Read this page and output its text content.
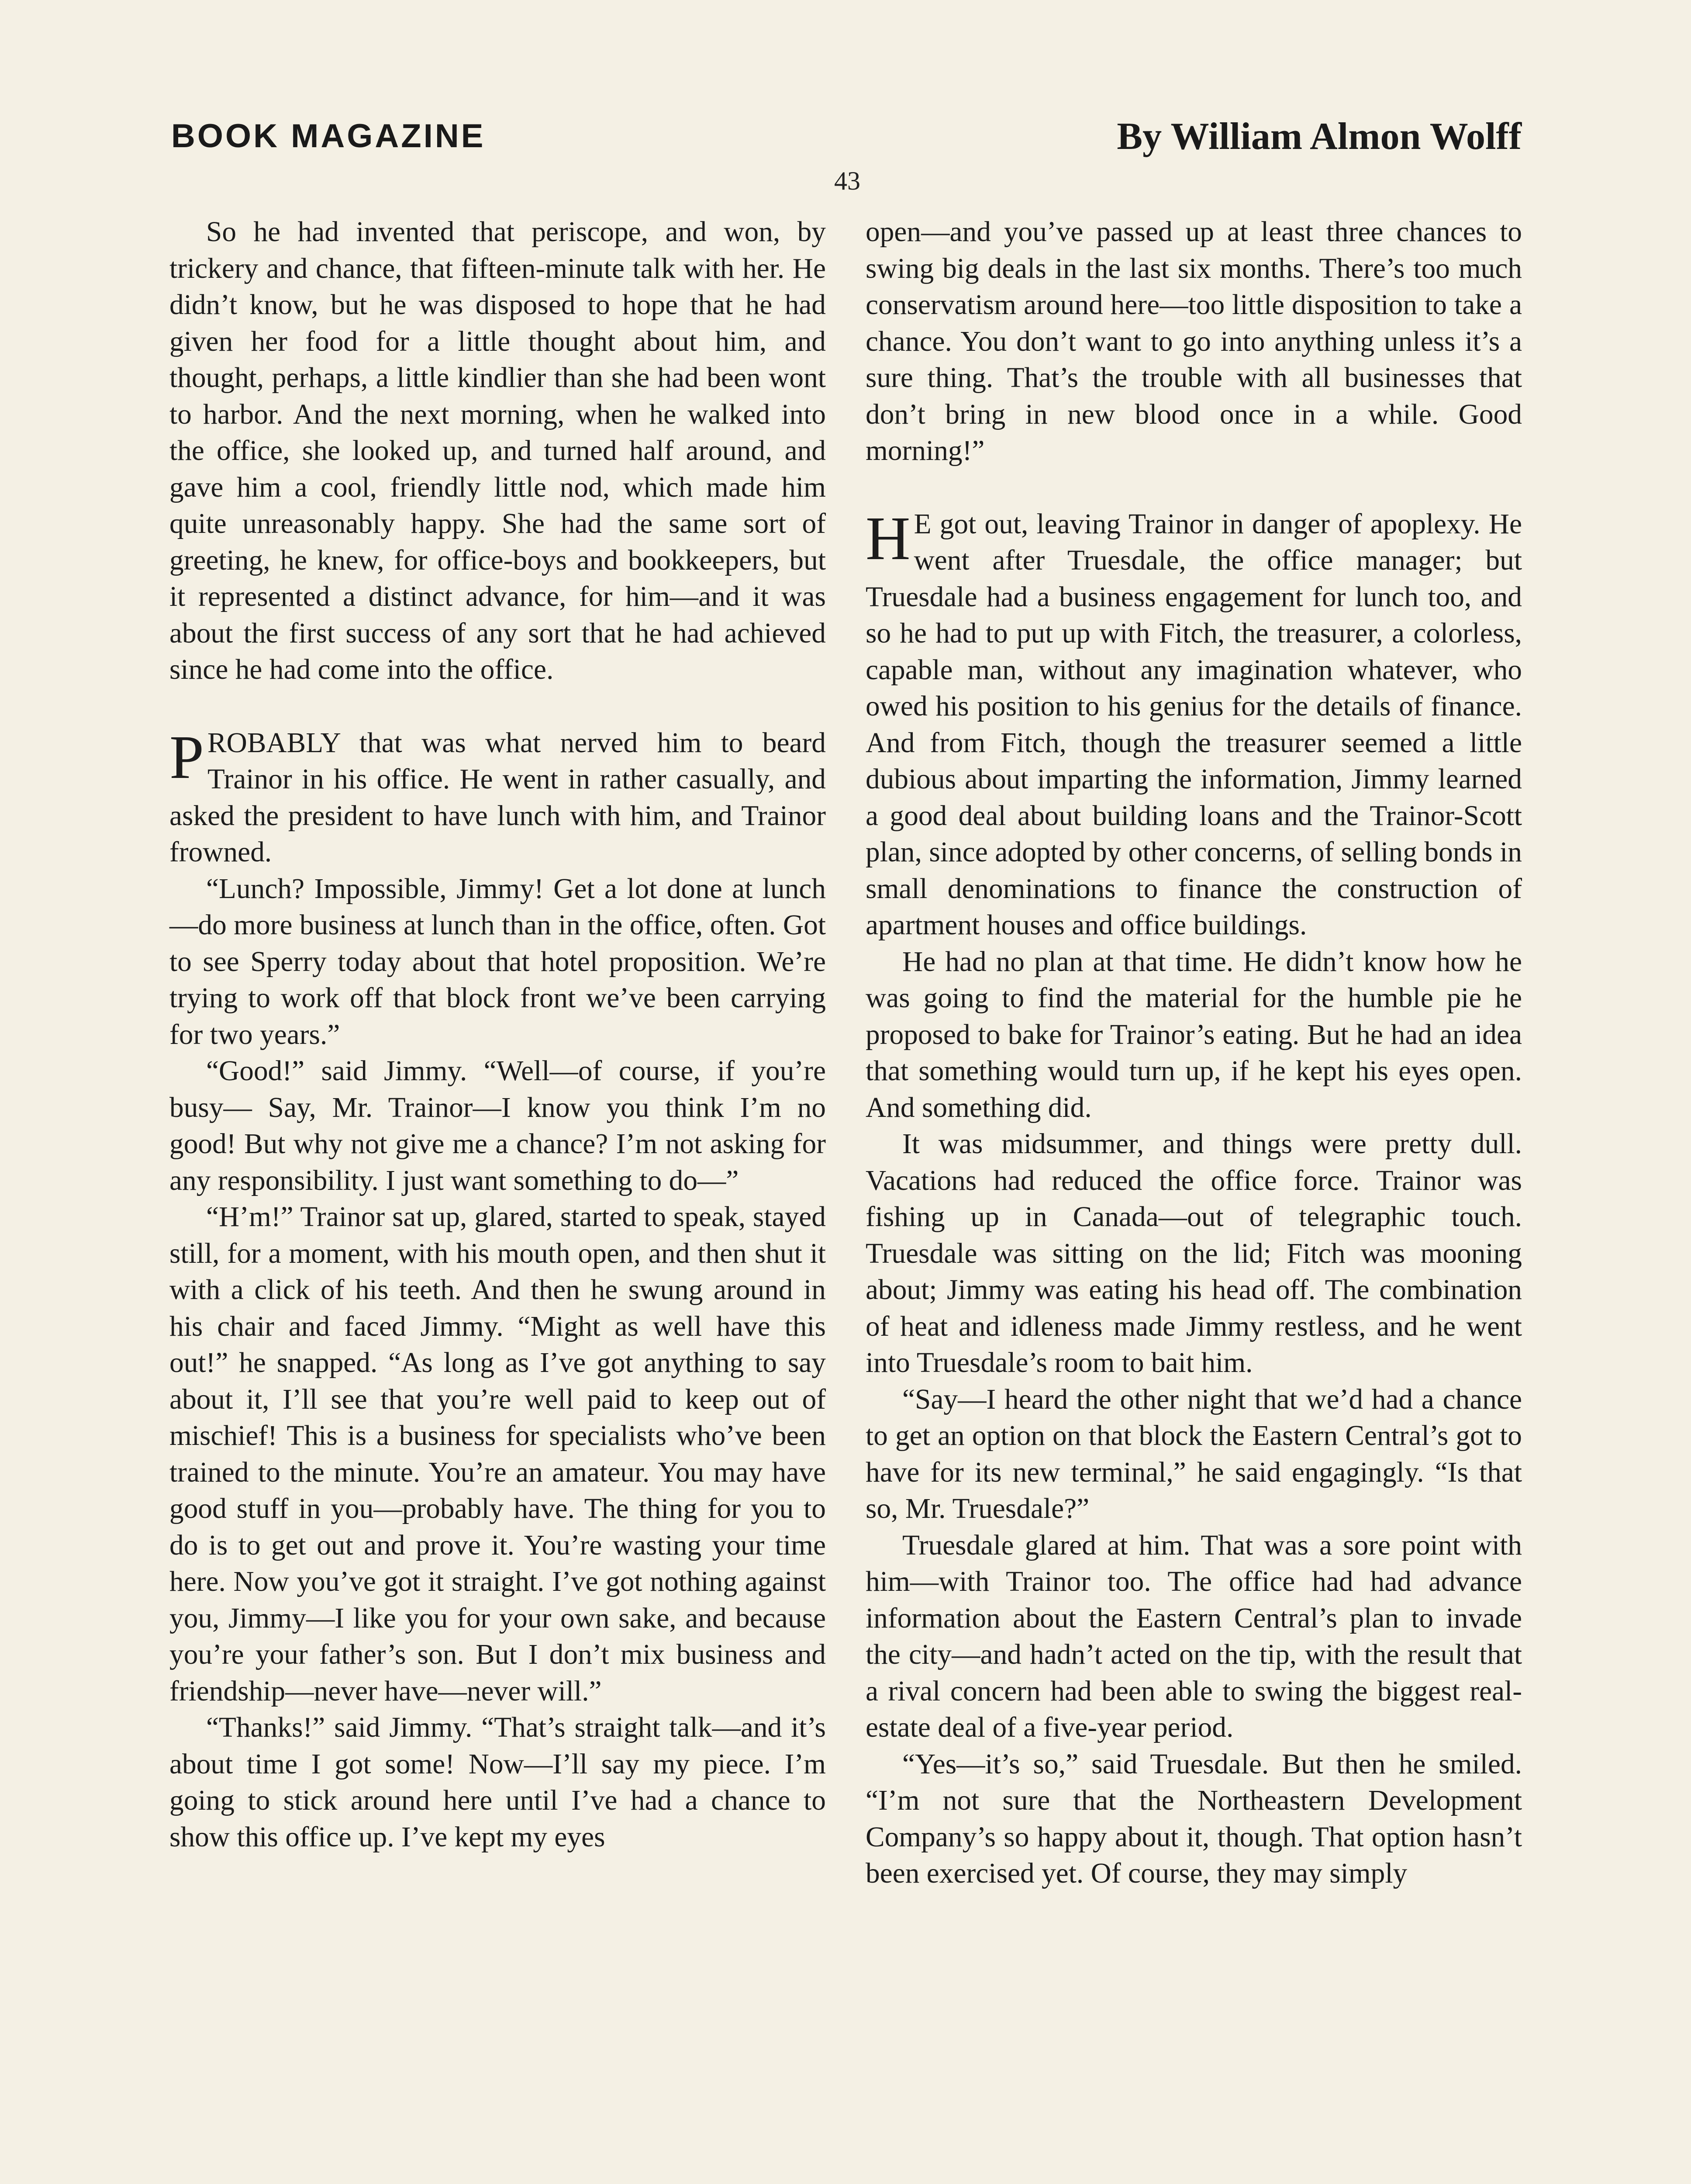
BOOK MAGAZINE	By William Almon Wolff
43

So he had invented that periscope, and won, by trickery and chance, that fifteen-minute talk with her. He didn’t know, but he was disposed to hope that he had given her food for a little thought about him, and thought, perhaps, a little kindlier than she had been wont to harbor. And the next morning, when he walked into the office, she looked up, and turned half around, and gave him a cool, friendly little nod, which made him quite unreasonably happy. She had the same sort of greeting, he knew, for office-boys and bookkeepers, but it represented a distinct advance, for him—and it was about the first success of any sort that he had achieved since he had come into the office.

PROBABLY that was what nerved him to beard Trainor in his office. He went in rather casually, and asked the president to have lunch with him, and Trainor frowned.

“Lunch? Impossible, Jimmy! Get a lot done at lunch—do more business at lunch than in the office, often. Got to see Sperry today about that hotel proposition. We’re trying to work off that block front we’ve been carrying for two years.”

“Good!” said Jimmy. “Well—of course, if you’re busy— Say, Mr. Trainor—I know you think I’m no good! But why not give me a chance? I’m not asking for any responsibility. I just want something to do—”

“H’m!” Trainor sat up, glared, started to speak, stayed still, for a moment, with his mouth open, and then shut it with a click of his teeth. And then he swung around in his chair and faced Jimmy. “Might as well have this out!” he snapped. “As long as I’ve got anything to say about it, I’ll see that you’re well paid to keep out of mischief! This is a business for specialists who’ve been trained to the minute. You’re an amateur. You may have good stuff in you—probably have. The thing for you to do is to get out and prove it. You’re wasting your time here. Now you’ve got it straight. I’ve got nothing against you, Jimmy—I like you for your own sake, and because you’re your father’s son. But I don’t mix business and friendship—never have—never will.”

“Thanks!” said Jimmy. “That’s straight talk—and it’s about time I got some! Now—I’ll say my piece. I’m going to stick around here until I’ve had a chance to show this office up. I’ve kept my eyes

open—and you’ve passed up at least three chances to swing big deals in the last six months. There’s too much conservatism around here—too little disposition to take a chance. You don’t want to go into anything unless it’s a sure thing. That’s the trouble with all businesses that don’t bring in new blood once in a while. Good morning!”

H E got out, leaving Trainor in danger of apoplexy. He went after Truesdale, the office manager; but Truesdale had a business engagement for lunch too, and so he had to put up with Fitch, the treasurer, a colorless, capable man, without any imagination whatever, who owed his position to his genius for the details of finance. And from Fitch, though the treasurer seemed a little dubious about imparting the information, Jimmy learned a good deal about building loans and the Trainor-Scott plan, since adopted by other concerns, of selling bonds in small denominations to finance the construction of apartment houses and office buildings.

He had no plan at that time. He didn’t know how he was going to find the material for the humble pie he proposed to bake for Trainor’s eating. But he had an idea that something would turn up, if he kept his eyes open. And something did.

It was midsummer, and things were pretty dull. Vacations had reduced the office force. Trainor was fishing up in Canada—out of telegraphic touch. Truesdale was sitting on the lid; Fitch was mooning about; Jimmy was eating his head off. The combination of heat and idleness made Jimmy restless, and he went into Truesdale’s room to bait him.

“Say—I heard the other night that we’d had a chance to get an option on that block the Eastern Central’s got to have for its new terminal,” he said engagingly. “Is that so, Mr. Truesdale?”

Truesdale glared at him. That was a sore point with him—with Trainor too. The office had had advance information about the Eastern Central’s plan to invade the city—and hadn’t acted on the tip, with the result that a rival concern had been able to swing the biggest real-estate deal of a five-year period.

“Yes—it’s so,” said Truesdale. But then he smiled. “I’m not sure that the Northeastern Development Company’s so happy about it, though. That option hasn’t been exercised yet. Of course, they may simply
